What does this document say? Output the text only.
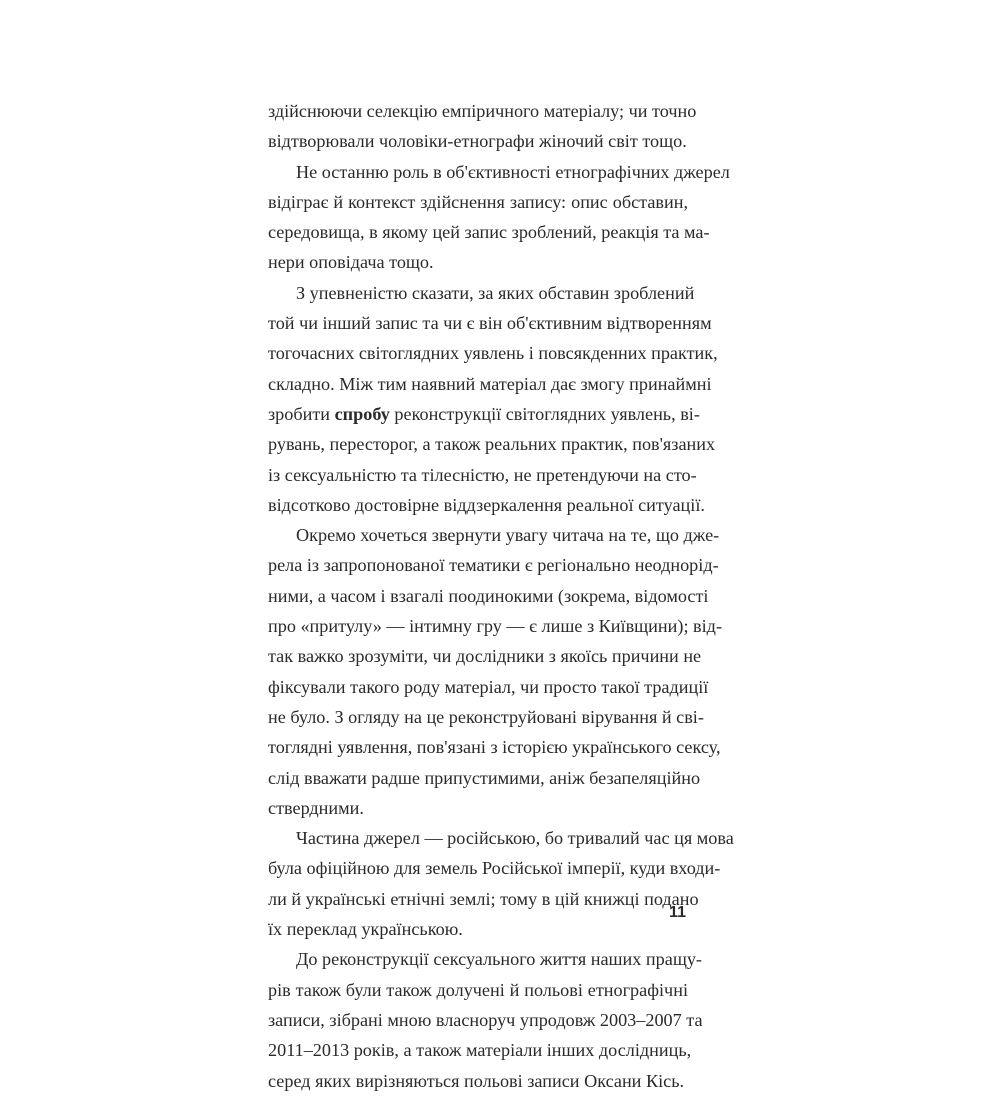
здійснюючи селекцію емпіричного матеріалу; чи точно
відтворювали чоловіки-етнографи жіночий світ тощо.
Не останню роль в об'єктивності етнографічних джерел
відіграє й контекст здійснення запису: опис обставин,
середовища, в якому цей запис зроблений, реакція та ма-
нери оповідача тощо.
З упевненістю сказати, за яких обставин зроблений
той чи інший запис та чи є він об'єктивним відтворенням
тогочасних світоглядних уявлень і повсякденних практик,
складно. Між тим наявний матеріал дає змогу принаймні
зробити спробу реконструкції світоглядних уявлень, ві-
рувань, пересторог, а також реальних практик, пов'язаних
із сексуальністю та тілесністю, не претендуючи на сто-
відсотково достовірне віддзеркалення реальної ситуації.
Окремо хочеться звернути увагу читача на те, що дже-
рела із запропонованої тематики є регіонально неоднорід-
ними, а часом і взагалі поодинокими (зокрема, відомості
про «притулу» — інтимну гру — є лише з Київщини); від-
так важко зрозуміти, чи дослідники з якоїсь причини не
фіксували такого роду матеріал, чи просто такої традиції
не було. З огляду на це реконструйовані вірування й сві-
тоглядні уявлення, пов'язані з історією українського сексу,
слід вважати радше припустимими, аніж безапеляційно
ствердними.
Частина джерел — російською, бо тривалий час ця мова
була офіційною для земель Російської імперії, куди входи-
ли й українські етнічні землі; тому в цій книжці подано
їх переклад українською.
До реконструкції сексуального життя наших пращу-
рів також були також долучені й польові етнографічні
записи, зібрані мною власноруч упродовж 2003–2007 та
2011–2013 років, а також матеріали інших дослідниць,
серед яких вирізняються польові записи Оксани Кісь.
11
